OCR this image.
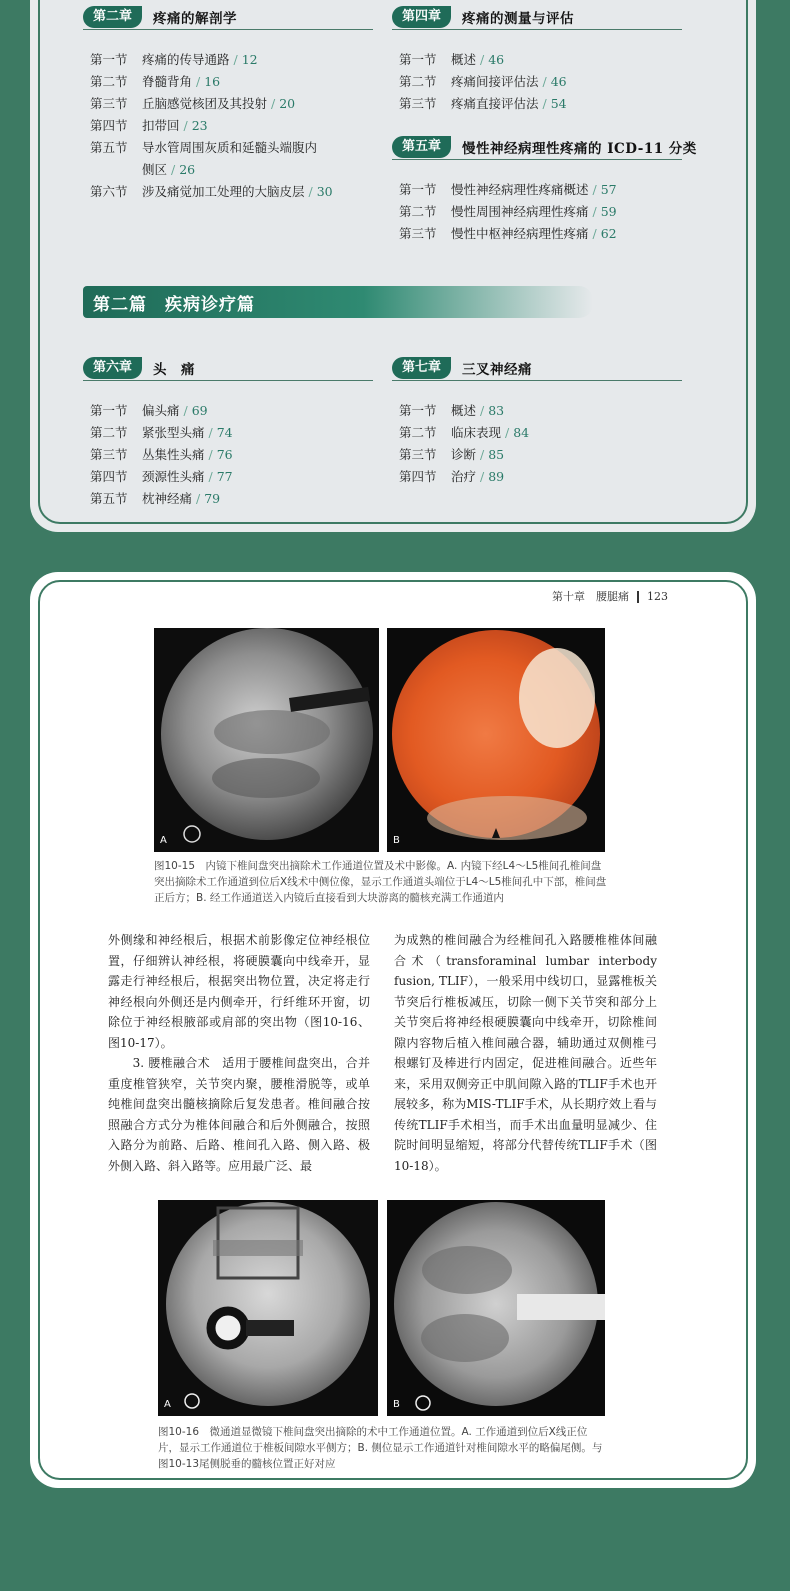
第二章	疼痛的解剖学
第一节 疼痛的传导通路 / 12
第二节 脊髓背角 / 16
第三节 丘脑感觉核团及其投射 / 20
第四节 扣带回 / 23
第五节 导水管周围灰质和延髓头端腹内
侧区 / 26
第六节 涉及痛觉加工处理的大脑皮层 / 30
第四章	疼痛的测量与评估
第一节 概述 / 46
第二节 疼痛间接评估法 / 46
第三节 疼痛直接评估法 / 54
第五章	慢性神经病理性疼痛的 ICD-11 分类
第一节 慢性神经病理性疼痛概述 / 57
第二节 慢性周围神经病理性疼痛 / 59
第三节 慢性中枢神经病理性疼痛 / 62
第二篇　疾病诊疗篇
第六章	头　痛
第一节 偏头痛 / 69
第二节 紧张型头痛 / 74
第三节 丛集性头痛 / 76
第四节 颈源性头痛 / 77
第五节 枕神经痛 / 79
第七章	三叉神经痛
第一节 概述 / 83
第二节 临床表现 / 84
第三节 诊断 / 85
第四节 治疗 / 89
第十章　腰腿痛 123
A	B
图10-15　内镜下椎间盘突出摘除术工作通道位置及术中影像。A. 内镜下经L4～L5椎间孔椎间盘突出摘除术工作通道到位后X线术中侧位像，显示工作通道头端位于L4～L5椎间孔中下部，椎间盘正后方；B. 经工作通道送入内镜后直接看到大块游离的髓核充满工作通道内

外侧缘和神经根后，根据术前影像定位神经根位置，仔细辨认神经根，将硬膜囊向中线牵开，显露走行神经根后，根据突出物位置，决定将走行神经根向外侧还是内侧牵开，行纤维环开窗，切除位于神经根腋部或肩部的突出物（图10-16、图10-17）。

　　3. 腰椎融合术　适用于腰椎间盘突出，合并重度椎管狭窄，关节突内聚，腰椎滑脱等，或单纯椎间盘突出髓核摘除后复发患者。椎间融合按照融合方式分为椎体间融合和后外侧融合，按照入路分为前路、后路、椎间孔入路、侧入路、极外侧入路、斜入路等。应用最广泛、最

为成熟的椎间融合为经椎间孔入路腰椎椎体间融合术（transforaminal lumbar interbody fusion, TLIF），一般采用中线切口，显露椎板关节突后行椎板减压，切除一侧下关节突和部分上关节突后将神经根硬膜囊向中线牵开，切除椎间隙内容物后植入椎间融合器，辅助通过双侧椎弓根螺钉及棒进行内固定，促进椎间融合。近些年来，采用双侧旁正中肌间隙入路的TLIF手术也开展较多，称为MIS-TLIF手术，从长期疗效上看与传统TLIF手术相当，而手术出血量明显减少、住院时间明显缩短，将部分代替传统TLIF手术（图10-18）。

A	B
图10-16　微通道显微镜下椎间盘突出摘除的术中工作通道位置。A. 工作通道到位后X线正位片，显示工作通道位于椎板间隙水平侧方；B. 侧位显示工作通道针对椎间隙水平的略偏尾侧。与图10-13尾侧脱垂的髓核位置正好对应
